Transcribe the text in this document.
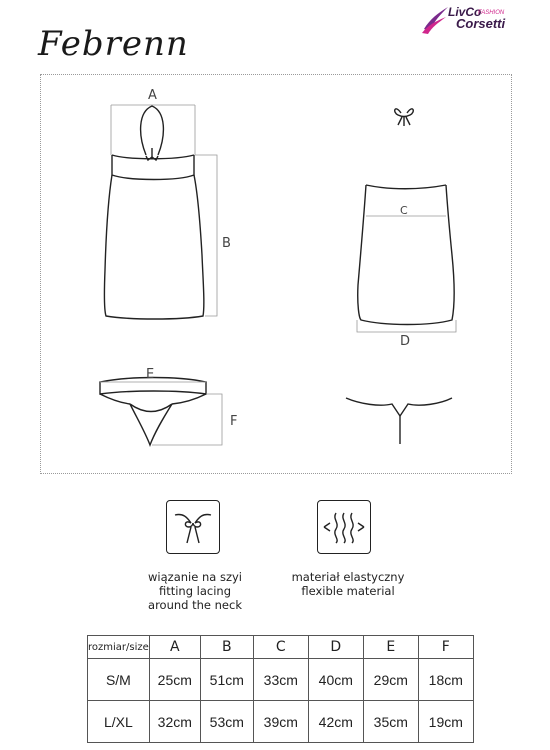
Febrenn
LivCo
FASHION
Corsetti
A
B
C
D
E
F
wiązanie na szyi
fitting lacing
around the neck
materiał elastyczny
flexible material
rozmiar/size	A	B	C	D	E	F
S/M	25cm	51cm	33cm	40cm	29cm	18cm
L/XL	32cm	53cm	39cm	42cm	35cm	19cm
